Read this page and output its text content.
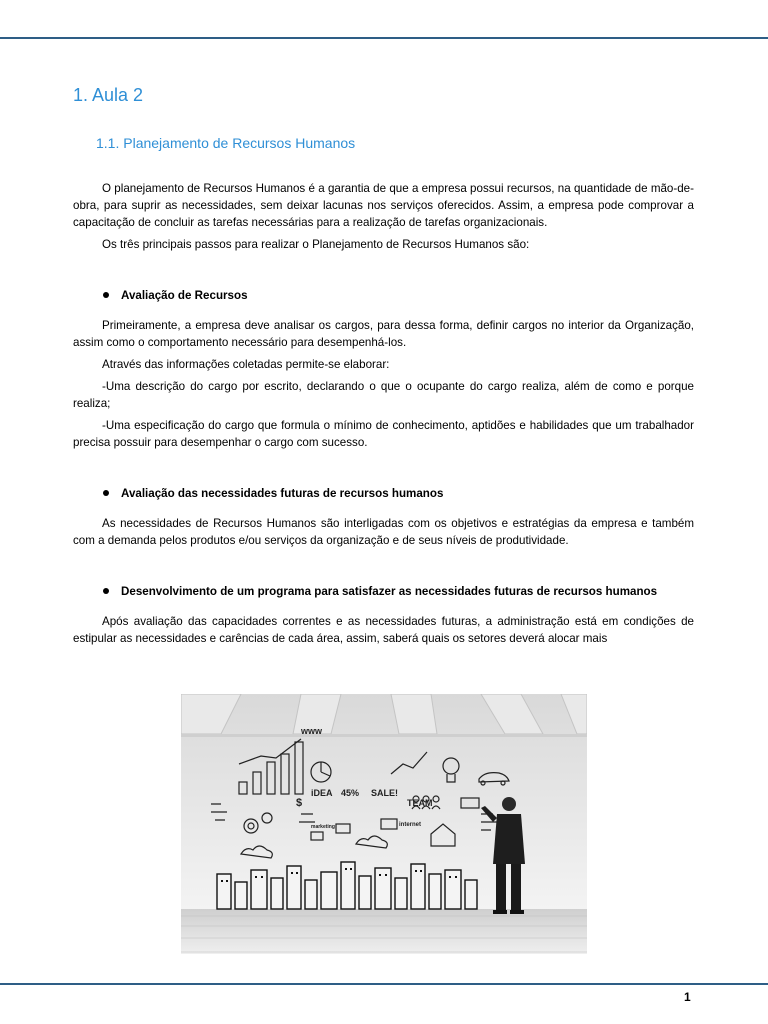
1. Aula 2
1.1. Planejamento de Recursos Humanos

O planejamento de Recursos Humanos é a garantia de que a empresa possui recursos, na quantidade de mão-de-obra, para suprir as necessidades, sem deixar lacunas nos serviços oferecidos. Assim, a empresa pode comprovar a capacitação de concluir as tarefas necessárias para a realização de tarefas organizacionais.

Os três principais passos para realizar o Planejamento de Recursos Humanos são:

Avaliação de Recursos

Primeiramente, a empresa deve analisar os cargos, para dessa forma, definir cargos no interior da Organização, assim como o comportamento necessário para desempenhá-los.

Através das informações coletadas permite-se elaborar:

-Uma descrição do cargo por escrito, declarando o que o ocupante do cargo realiza, além de como e porque realiza;

-Uma especificação do cargo que formula o mínimo de conhecimento, aptidões e habilidades que um trabalhador precisa possuir para desempenhar o cargo com sucesso.

Avaliação das necessidades futuras de recursos humanos

As necessidades de Recursos Humanos são interligadas com os objetivos e estratégias da empresa e também com a demanda pelos produtos e/ou serviços da organização e de seus níveis de produtividade.

Desenvolvimento de um programa para satisfazer as necessidades futuras de recursos humanos

Após avaliação das capacidades correntes e as necessidades futuras, a administração está em condições de estipular as necessidades e carências de cada área, assim, saberá quais os setores deverá alocar mais

www
iDEA 45% SALE!
TEAM
internet
$
marketing
1
